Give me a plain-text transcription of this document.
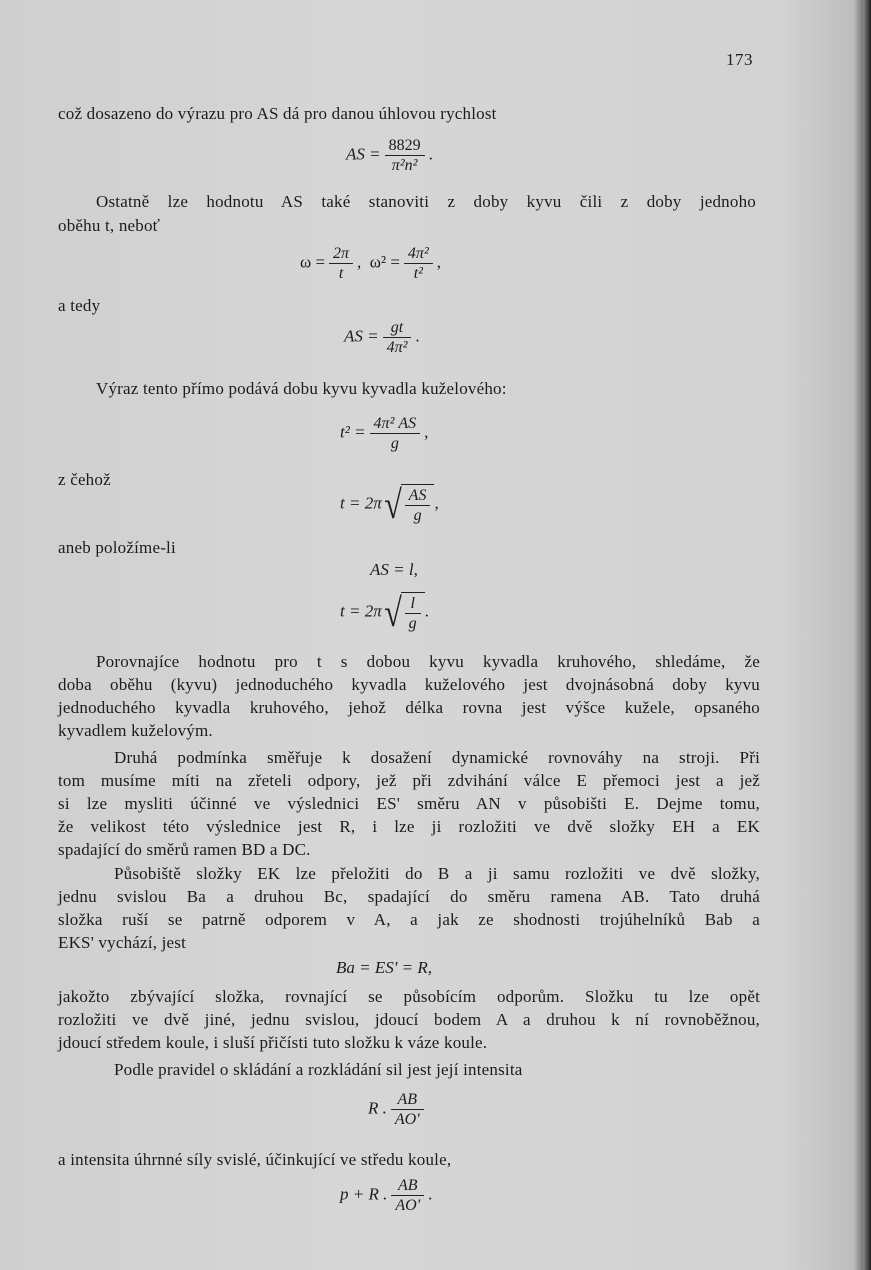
173
což dosazeno do výrazu pro AS dá pro danou úhlovou rychlost
AS = $\frac{8829}{\text{π²n²}}$ .
Ostatně lze hodnotu AS také stanoviti z doby kyvu čili z doby jednoho
oběhu t, neboť
$\omega = \frac{2\pi}{t}$ , $\omega^2 = \frac{\text{4π²}}{\text{t²}}$ ,
a tedy
AS = $\frac{gt}{\text{4π²}}$ .
Výraz tento přímo podává dobu kyvu kyvadla kuželového:
$t^2 = \frac{\text{4π² AS}}{g}$ ,
z čehož
$t = 2\pi√ \frac{AS}{g}$ ,
aneb položíme-li
AS = l,
$t = 2\pi√ \frac{l}{g}$ .
Porovnajíce hodnotu pro t s dobou kyvu kyvadla kruhového, shledáme, že
doba oběhu (kyvu) jednoduchého kyvadla kuželového jest dvojnásobná doby kyvu
jednoduchého kyvadla kruhového, jehož délka rovna jest výšce kužele, opsaného
kyvadlem kuželovým.
Druhá podmínka směřuje k dosažení dynamické rovnováhy na stroji. Při
tom musíme míti na zřeteli odpory, jež při zdvihání válce E přemoci jest a jež
si lze mysliti účinné ve výslednici ES' směru AN v působišti E. Dejme tomu,
že velikost této výslednice jest R, i lze ji rozložiti ve dvě složky EH a EK
spadající do směrů ramen BD a DC.
Působiště složky EK lze přeložiti do B a ji samu rozložiti ve dvě složky,
jednu svislou Ba a druhou Bc, spadající do směru ramena AB. Tato druhá
složka ruší se patrně odporem v A, a jak ze shodnosti trojúhelníků Bab a
EKS' vychází, jest
Ba = ES' = R,
jakožto zbývající složka, rovnající se působícím odporům. Složku tu lze opět
rozložiti ve dvě jiné, jednu svislou, jdoucí bodem A a druhou k ní rovnoběžnou,
jdoucí středem koule, i sluší přičísti tuto složku k váze koule.
Podle pravidel o skládání a rozkládání sil jest její intensita
R . $\frac{AB}{AO'}$
a intensita úhrnné síly svislé, účinkující ve středu koule,
p + R . $\frac{AB}{AO'}$ .
